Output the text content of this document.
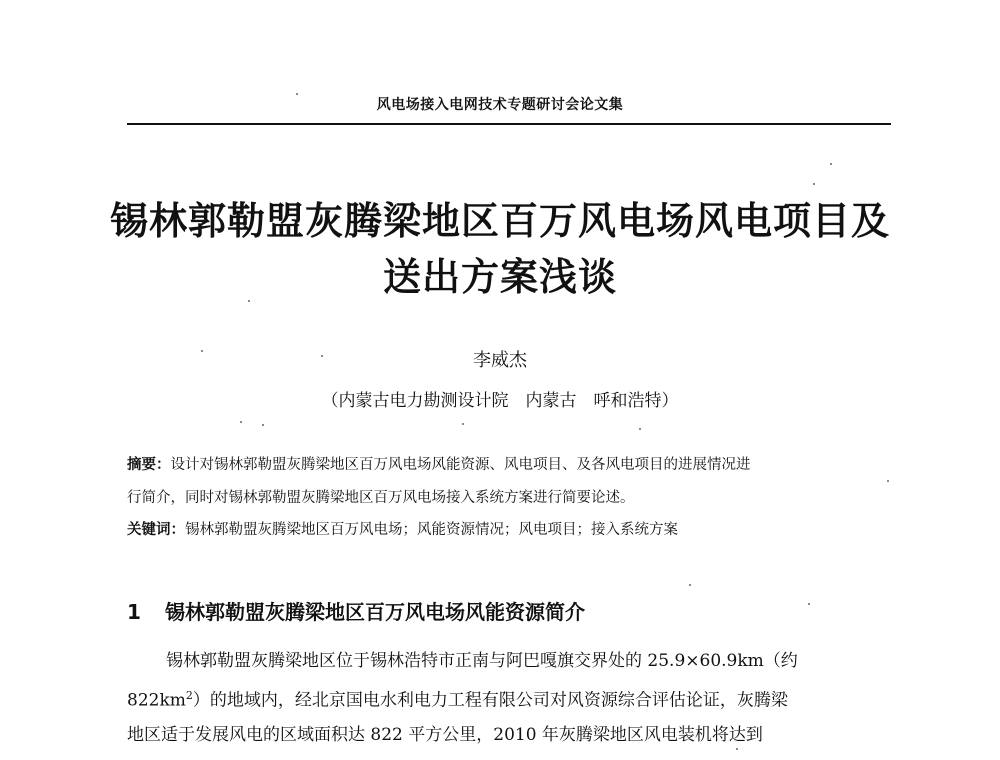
风电场接入电网技术专题研讨会论文集
锡林郭勒盟灰腾梁地区百万风电场风电项目及
送出方案浅谈
李威杰
（内蒙古电力勘测设计院　内蒙古　呼和浩特）
摘要：设计对锡林郭勒盟灰腾梁地区百万风电场风能资源、风电项目、及各风电项目的进展情况进
行简介，同时对锡林郭勒盟灰腾梁地区百万风电场接入系统方案进行简要论述。
关键词：锡林郭勒盟灰腾梁地区百万风电场；风能资源情况；风电项目；接入系统方案
1 锡林郭勒盟灰腾梁地区百万风电场风能资源简介
锡林郭勒盟灰腾梁地区位于锡林浩特市正南与阿巴嘎旗交界处的 25.9×60.9km（约
$822km^2$）的地域内，经北京国电水利电力工程有限公司对风资源综合评估论证，灰腾梁
地区适于发展风电的区域面积达 822 平方公里，2010 年灰腾梁地区风电装机将达到
